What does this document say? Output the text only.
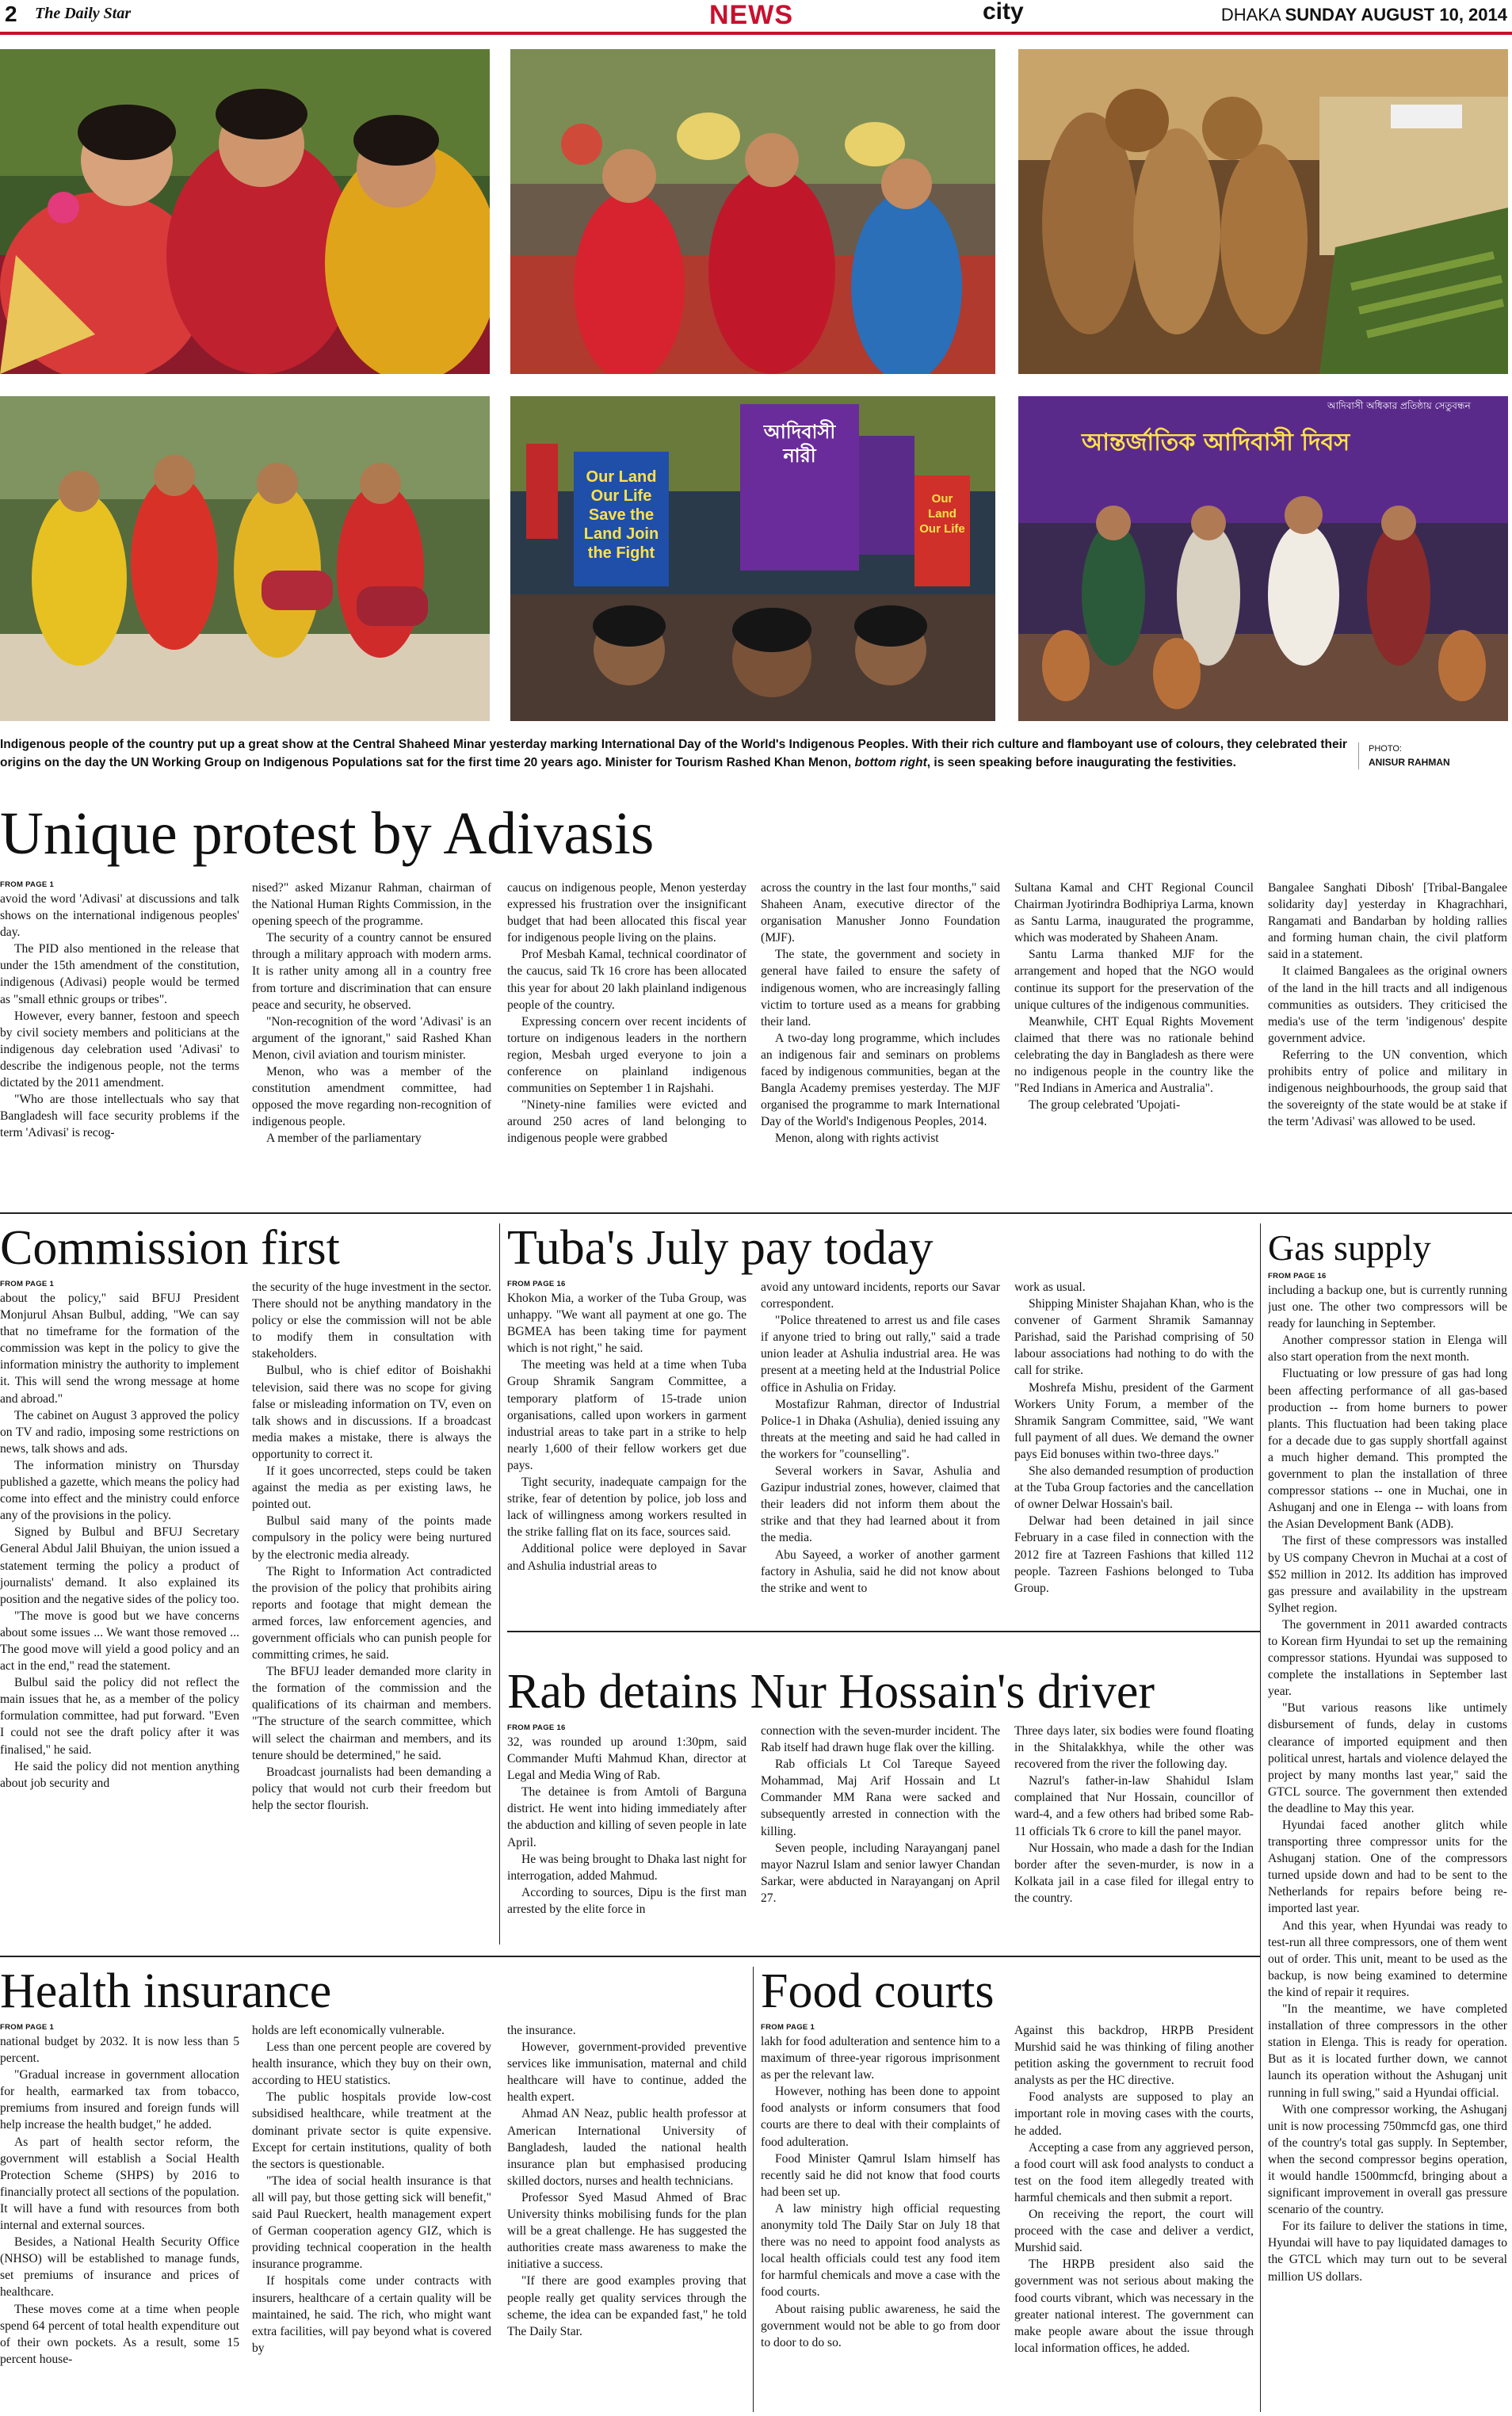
2 The Daily Star	NEWS	city	DHAKA SUNDAY AUGUST 10, 2014
আদিবাসী নারী
Our Land Our Life Save the Land Join the Fight
Our Land Our Life
আন্তর্জাতিক আদিবাসী দিবস
আদিবাসী অধিকার প্রতিষ্ঠায় সেতুবন্ধন
Indigenous people of the country put up a great show at the Central Shaheed Minar yesterday marking International Day of the World's Indigenous Peoples. With their rich culture and flamboyant use of colours, they celebrated their origins on the day the UN Working Group on Indigenous Populations sat for the first time 20 years ago. Minister for Tourism Rashed Khan Menon, bottom right, is seen speaking before inaugurating the festivities.
PHOTO:
ANISUR RAHMAN
Unique protest by Adivasis
FROM PAGE 1

avoid the word 'Adivasi' at discussions and talk shows on the international indigenous peoples' day.

The PID also mentioned in the release that under the 15th amendment of the constitution, indigenous (Adivasi) people would be termed as "small ethnic groups or tribes".

However, every banner, festoon and speech by civil society members and politicians at the indigenous day celebration used 'Adivasi' to describe the indigenous people, not the terms dictated by the 2011 amendment.

"Who are those intellectuals who say that Bangladesh will face security problems if the term 'Adivasi' is recog-

nised?" asked Mizanur Rahman, chairman of the National Human Rights Commission, in the opening speech of the programme.

The security of a country cannot be ensured through a military approach with modern arms. It is rather unity among all in a country free from torture and discrimination that can ensure peace and security, he observed.

"Non-recognition of the word 'Adivasi' is an argument of the ignorant," said Rashed Khan Menon, civil aviation and tourism minister.

Menon, who was a member of the constitution amendment committee, had opposed the move regarding non-recognition of indigenous people.

A member of the parliamentary

caucus on indigenous people, Menon yesterday expressed his frustration over the insignificant budget that had been allocated this fiscal year for indigenous people living on the plains.

Prof Mesbah Kamal, technical coordinator of the caucus, said Tk 16 crore has been allocated this year for about 20 lakh plainland indigenous people of the country.

Expressing concern over recent incidents of torture on indigenous leaders in the northern region, Mesbah urged everyone to join a conference on plainland indigenous communities on September 1 in Rajshahi.

"Ninety-nine families were evicted and around 250 acres of land belonging to indigenous people were grabbed

across the country in the last four months," said Shaheen Anam, executive director of the organisation Manusher Jonno Foundation (MJF).

The state, the government and society in general have failed to ensure the safety of indigenous women, who are increasingly falling victim to torture used as a means for grabbing their land.

A two-day long programme, which includes an indigenous fair and seminars on problems faced by indigenous communities, began at the Bangla Academy premises yesterday. The MJF organised the programme to mark International Day of the World's Indigenous Peoples, 2014.

Menon, along with rights activist

Sultana Kamal and CHT Regional Council Chairman Jyotirindra Bodhipriya Larma, known as Santu Larma, inaugurated the programme, which was moderated by Shaheen Anam.

Santu Larma thanked MJF for the arrangement and hoped that the NGO would continue its support for the preservation of the unique cultures of the indigenous communities.

Meanwhile, CHT Equal Rights Movement claimed that there was no rationale behind celebrating the day in Bangladesh as there were no indigenous people in the country like the "Red Indians in America and Australia".

The group celebrated 'Upojati-

Bangalee Sanghati Dibosh' [Tribal-Bangalee solidarity day] yesterday in Khagrachhari, Rangamati and Bandarban by holding rallies and forming human chain, the civil platform said in a statement.

It claimed Bangalees as the original owners of the land in the hill tracts and all indigenous communities as outsiders. They criticised the media's use of the term 'indigenous' despite government advice.

Referring to the UN convention, which prohibits entry of police and military in indigenous neighbourhoods, the group said that the sovereignty of the state would be at stake if the term 'Adivasi' was allowed to be used.

Commission first
FROM PAGE 1

about the policy," said BFUJ President Monjurul Ahsan Bulbul, adding, "We can say that no timeframe for the formation of the commission was kept in the policy to give the information ministry the authority to implement it. This will send the wrong message at home and abroad."

The cabinet on August 3 approved the policy on TV and radio, imposing some restrictions on news, talk shows and ads.

The information ministry on Thursday published a gazette, which means the policy had come into effect and the ministry could enforce any of the provisions in the policy.

Signed by Bulbul and BFUJ Secretary General Abdul Jalil Bhuiyan, the union issued a statement terming the policy a product of journalists' demand. It also explained its position and the negative sides of the policy too.

"The move is good but we have concerns about some issues ... We want those removed ... The good move will yield a good policy and an act in the end," read the statement.

Bulbul said the policy did not reflect the main issues that he, as a member of the policy formulation committee, had put forward. "Even I could not see the draft policy after it was finalised," he said.

He said the policy did not mention anything about job security and

the security of the huge investment in the sector. There should not be anything mandatory in the policy or else the commission will not be able to modify them in consultation with stakeholders.

Bulbul, who is chief editor of Boishakhi television, said there was no scope for giving false or misleading information on TV, even on talk shows and in discussions. If a broadcast media makes a mistake, there is always the opportunity to correct it.

If it goes uncorrected, steps could be taken against the media as per existing laws, he pointed out.

Bulbul said many of the points made compulsory in the policy were being nurtured by the electronic media already.

The Right to Information Act contradicted the provision of the policy that prohibits airing reports and footage that might demean the armed forces, law enforcement agencies, and government officials who can punish people for committing crimes, he said.

The BFUJ leader demanded more clarity in the formation of the commission and the qualifications of its chairman and members. "The structure of the search committee, which will select the chairman and members, and its tenure should be determined," he said.

Broadcast journalists had been demanding a policy that would not curb their freedom but help the sector flourish.

Tuba's July pay today
FROM PAGE 16

Khokon Mia, a worker of the Tuba Group, was unhappy. "We want all payment at one go. The BGMEA has been taking time for payment which is not right," he said.

The meeting was held at a time when Tuba Group Shramik Sangram Committee, a temporary platform of 15-trade union organisations, called upon workers in garment industrial areas to take part in a strike to help nearly 1,600 of their fellow workers get due pays.

Tight security, inadequate campaign for the strike, fear of detention by police, job loss and lack of willingness among workers resulted in the strike falling flat on its face, sources said.

Additional police were deployed in Savar and Ashulia industrial areas to

avoid any untoward incidents, reports our Savar correspondent.

"Police threatened to arrest us and file cases if anyone tried to bring out rally," said a trade union leader at Ashulia industrial area. He was present at a meeting held at the Industrial Police office in Ashulia on Friday.

Mostafizur Rahman, director of Industrial Police-1 in Dhaka (Ashulia), denied issuing any threats at the meeting and said he had called in the workers for "counselling".

Several workers in Savar, Ashulia and Gazipur industrial zones, however, claimed that their leaders did not inform them about the strike and that they had learned about it from the media.

Abu Sayeed, a worker of another garment factory in Ashulia, said he did not know about the strike and went to

work as usual.

Shipping Minister Shajahan Khan, who is the convener of Garment Shramik Samannay Parishad, said the Parishad comprising of 50 labour associations had nothing to do with the call for strike.

Moshrefa Mishu, president of the Garment Workers Unity Forum, a member of the Shramik Sangram Committee, said, "We want full payment of all dues. We demand the owner pays Eid bonuses within two-three days."

She also demanded resumption of production at the Tuba Group factories and the cancellation of owner Delwar Hossain's bail.

Delwar had been detained in jail since February in a case filed in connection with the 2012 fire at Tazreen Fashions that killed 112 people. Tazreen Fashions belonged to Tuba Group.

Rab detains Nur Hossain's driver
FROM PAGE 16

32, was rounded up around 1:30pm, said Commander Mufti Mahmud Khan, director at Legal and Media Wing of Rab.

The detainee is from Amtoli of Barguna district. He went into hiding immediately after the abduction and killing of seven people in late April.

He was being brought to Dhaka last night for interrogation, added Mahmud.

According to sources, Dipu is the first man arrested by the elite force in

connection with the seven-murder incident. The Rab itself had drawn huge flak over the killing.

Rab officials Lt Col Tareque Sayeed Mohammad, Maj Arif Hossain and Lt Commander MM Rana were sacked and subsequently arrested in connection with the killing.

Seven people, including Narayanganj panel mayor Nazrul Islam and senior lawyer Chandan Sarkar, were abducted in Narayanganj on April 27.

Three days later, six bodies were found floating in the Shitalakkhya, while the other was recovered from the river the following day.

Nazrul's father-in-law Shahidul Islam complained that Nur Hossain, councillor of ward-4, and a few others had bribed some Rab-11 officials Tk 6 crore to kill the panel mayor.

Nur Hossain, who made a dash for the Indian border after the seven-murder, is now in a Kolkata jail in a case filed for illegal entry to the country.

Gas supply
FROM PAGE 16

including a backup one, but is currently running just one. The other two compressors will be ready for launching in September.

Another compressor station in Elenga will also start operation from the next month.

Fluctuating or low pressure of gas had long been affecting performance of all gas-based production -- from home burners to power plants. This fluctuation had been taking place for a decade due to gas supply shortfall against a much higher demand. This prompted the government to plan the installation of three compressor stations -- one in Muchai, one in Ashuganj and one in Elenga -- with loans from the Asian Development Bank (ADB).

The first of these compressors was installed by US company Chevron in Muchai at a cost of $52 million in 2012. Its addition has improved gas pressure and availability in the upstream Sylhet region.

The government in 2011 awarded contracts to Korean firm Hyundai to set up the remaining compressor stations. Hyundai was supposed to complete the installations in September last year.

"But various reasons like untimely disbursement of funds, delay in customs clearance of imported equipment and then political unrest, hartals and violence delayed the project by many months last year," said the GTCL source. The government then extended the deadline to May this year.

Hyundai faced another glitch while transporting three compressor units for the Ashuganj station. One of the compressors turned upside down and had to be sent to the Netherlands for repairs before being re-imported last year.

And this year, when Hyundai was ready to test-run all three compressors, one of them went out of order. This unit, meant to be used as the backup, is now being examined to determine the kind of repair it requires.

"In the meantime, we have completed installation of three compressors in the other station in Elenga. This is ready for operation. But as it is located further down, we cannot launch its operation without the Ashuganj unit running in full swing," said a Hyundai official.

With one compressor working, the Ashuganj unit is now processing 750mmcfd gas, one third of the country's total gas supply. In September, when the second compressor begins operation, it would handle 1500mmcfd, bringing about a significant improvement in overall gas pressure scenario of the country.

For its failure to deliver the stations in time, Hyundai will have to pay liquidated damages to the GTCL which may turn out to be several million US dollars.

Health insurance
FROM PAGE 1

national budget by 2032. It is now less than 5 percent.

"Gradual increase in government allocation for health, earmarked tax from tobacco, premiums from insured and foreign funds will help increase the health budget," he added.

As part of health sector reform, the government will establish a Social Health Protection Scheme (SHPS) by 2016 to financially protect all sections of the population. It will have a fund with resources from both internal and external sources.

Besides, a National Health Security Office (NHSO) will be established to manage funds, set premiums of insurance and prices of healthcare.

These moves come at a time when people spend 64 percent of total health expenditure out of their own pockets. As a result, some 15 percent house-

holds are left economically vulnerable.

Less than one percent people are covered by health insurance, which they buy on their own, according to HEU statistics.

The public hospitals provide low-cost subsidised healthcare, while treatment at the dominant private sector is quite expensive. Except for certain institutions, quality of both the sectors is questionable.

"The idea of social health insurance is that all will pay, but those getting sick will benefit," said Paul Rueckert, health management expert of German cooperation agency GIZ, which is providing technical cooperation in the health insurance programme.

If hospitals come under contracts with insurers, healthcare of a certain quality will be maintained, he said. The rich, who might want extra facilities, will pay beyond what is covered by

the insurance.

However, government-provided preventive services like immunisation, maternal and child healthcare will have to continue, added the health expert.

Ahmad AN Neaz, public health professor at American International University of Bangladesh, lauded the national health insurance plan but emphasised producing skilled doctors, nurses and health technicians.

Professor Syed Masud Ahmed of Brac University thinks mobilising funds for the plan will be a great challenge. He has suggested the authorities create mass awareness to make the initiative a success.

"If there are good examples proving that people really get quality services through the scheme, the idea can be expanded fast," he told The Daily Star.

Food courts
FROM PAGE 1

lakh for food adulteration and sentence him to a maximum of three-year rigorous imprisonment as per the relevant law.

However, nothing has been done to appoint food analysts or inform consumers that food courts are there to deal with their complaints of food adulteration.

Food Minister Qamrul Islam himself has recently said he did not know that food courts had been set up.

A law ministry high official requesting anonymity told The Daily Star on July 18 that there was no need to appoint food analysts as local health officials could test any food item for harmful chemicals and move a case with the food courts.

About raising public awareness, he said the government would not be able to go from door to door to do so.

Against this backdrop, HRPB President Murshid said he was thinking of filing another petition asking the government to recruit food analysts as per the HC directive.

Food analysts are supposed to play an important role in moving cases with the courts, he added.

Accepting a case from any aggrieved person, a food court will ask food analysts to conduct a test on the food item allegedly treated with harmful chemicals and then submit a report.

On receiving the report, the court will proceed with the case and deliver a verdict, Murshid said.

The HRPB president also said the government was not serious about making the food courts vibrant, which was necessary in the greater national interest. The government can make people aware about the issue through local information offices, he added.
